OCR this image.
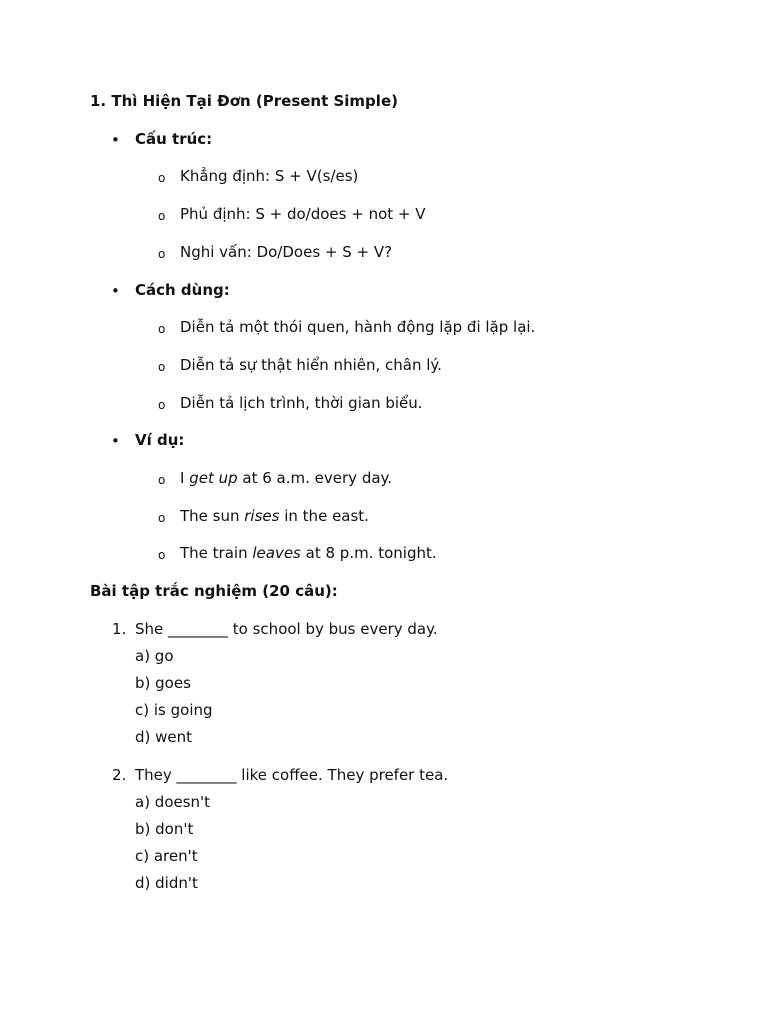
1. Thì Hiện Tại Đơn (Present Simple)
• Cấu trúc:
o Khẳng định: S + V(s/es)
o Phủ định: S + do/does + not + V
o Nghi vấn: Do/Does + S + V?
• Cách dùng:
o Diễn tả một thói quen, hành động lặp đi lặp lại.
o Diễn tả sự thật hiển nhiên, chân lý.
o Diễn tả lịch trình, thời gian biểu.
• Ví dụ:
o I get up at 6 a.m. every day.
o The sun rises in the east.
o The train leaves at 8 p.m. tonight.
Bài tập trắc nghiệm (20 câu):
1. She ________ to school by bus every day.
a) go
b) goes
c) is going
d) went
2. They ________ like coffee. They prefer tea.
a) doesn't
b) don't
c) aren't
d) didn't
